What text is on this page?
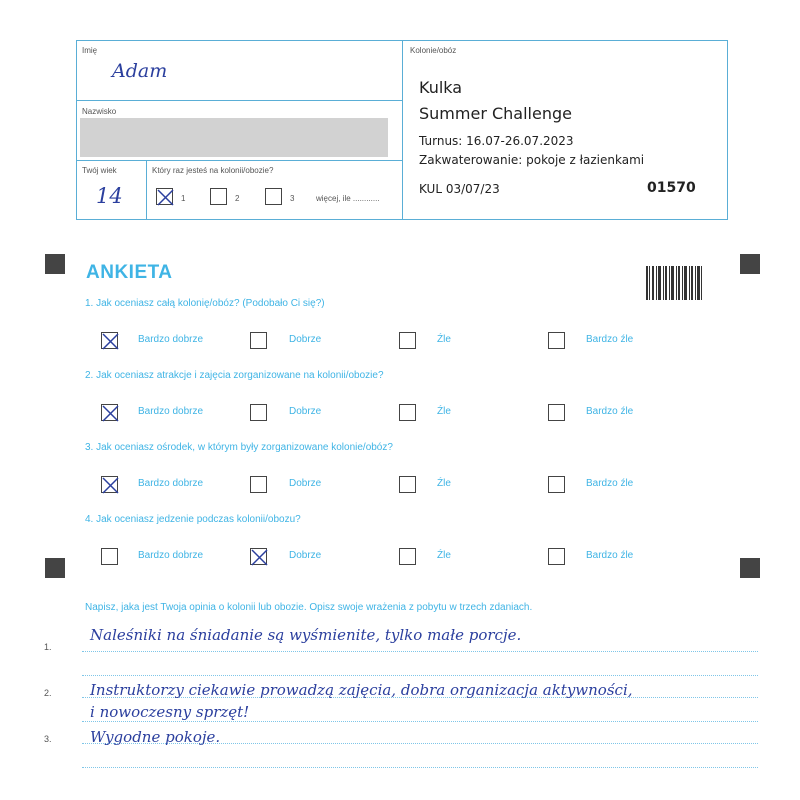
Imię
Adam
Nazwisko
Twój wiek
14
Który raz jesteś na kolonii/obozie?
1	2	3	więcej, ile ............
Kolonie/obóz
Kulka
Summer Challenge
Turnus: 16.07-26.07.2023
Zakwaterowanie: pokoje z łazienkami
KUL 03/07/23	01570
ANKIETA
1. Jak oceniasz całą kolonię/obóz? (Podobało Ci się?)
Bardzo dobrze	Dobrze	Źle	Bardzo źle
2. Jak oceniasz atrakcje i zajęcia zorganizowane na kolonii/obozie?
Bardzo dobrze	Dobrze	Źle	Bardzo źle
3. Jak oceniasz ośrodek, w którym były zorganizowane kolonie/obóz?
Bardzo dobrze	Dobrze	Źle	Bardzo źle
4. Jak oceniasz jedzenie podczas kolonii/obozu?
Bardzo dobrze	Dobrze	Źle	Bardzo źle
Napisz, jaka jest Twoja opinia o kolonii lub obozie. Opisz swoje wrażenia z pobytu w trzech zdaniach.
1.
2.
3.
Naleśniki na śniadanie są wyśmienite, tylko małe porcje.
Instruktorzy ciekawie prowadzą zajęcia, dobra organizacja aktywności,
i nowoczesny sprzęt!
Wygodne pokoje.
